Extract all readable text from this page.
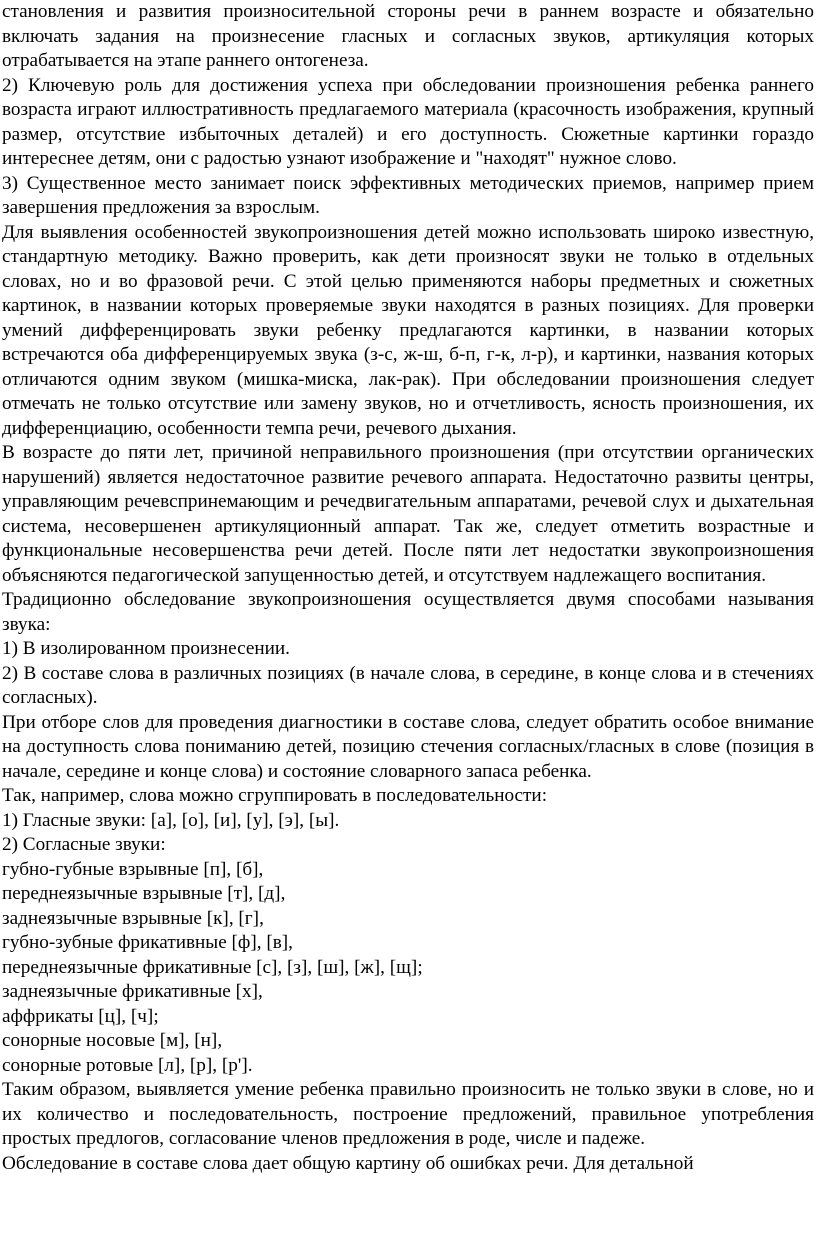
становления и развития произносительной стороны речи в раннем возрасте и обязательно включать задания на произнесение гласных и согласных звуков, артикуляция которых отрабатывается на этапе раннего онтогенеза.

2) Ключевую роль для достижения успеха при обследовании произношения ребенка раннего возраста играют иллюстративность предлагаемого материала (красочность изображения, крупный размер, отсутствие избыточных деталей) и его доступность. Сюжетные картинки гораздо интереснее детям, они с радостью узнают изображение и "находят" нужное слово.

3) Существенное место занимает поиск эффективных методических приемов, например прием завершения предложения за взрослым.

Для выявления особенностей звукопроизношения детей можно использовать широко известную, стандартную методику. Важно проверить, как дети произносят звуки не только в отдельных словах, но и во фразовой речи. С этой целью применяются наборы предметных и сюжетных картинок, в названии которых проверяемые звуки находятся в разных позициях. Для проверки умений дифференцировать звуки ребенку предлагаются картинки, в названии которых встречаются оба дифференцируемых звука (з-с, ж-ш, б-п, г-к, л-р), и картинки, названия которых отличаются одним звуком (мишка-миска, лак-рак). При обследовании произношения следует отмечать не только отсутствие или замену звуков, но и отчетливость, ясность произношения, их дифференциацию, особенности темпа речи, речевого дыхания.

В возрасте до пяти лет, причиной неправильного произношения (при отсутствии органических нарушений) является недостаточное развитие речевого аппарата. Недостаточно развиты центры, управляющим речевспринемающим и речедвигательным аппаратами, речевой слух и дыхательная система, несовершенен артикуляционный аппарат. Так же, следует отметить возрастные и функциональные несовершенства речи детей. После пяти лет недостатки звукопроизношения объясняются педагогической запущенностью детей, и отсутствуем надлежащего воспитания.

Традиционно обследование звукопроизношения осуществляется двумя способами называния звука:

1) В изолированном произнесении.

2) В составе слова в различных позициях (в начале слова, в середине, в конце слова и в стечениях согласных).

При отборе слов для проведения диагностики в составе слова, следует обратить особое внимание на доступность слова пониманию детей, позицию стечения согласных/гласных в слове (позиция в начале, середине и конце слова) и состояние словарного запаса ребенка.

Так, например, слова можно сгруппировать в последовательности:

1) Гласные звуки: [а], [о], [и], [у], [э], [ы].

2) Согласные звуки:

губно-губные взрывные [п], [б],

переднеязычные взрывные [т], [д],

заднеязычные взрывные [к], [г],

губно-зубные фрикативные [ф], [в],

переднеязычные фрикативные [с], [з], [ш], [ж], [щ];

заднеязычные фрикативные [х],

аффрикаты [ц], [ч];

сонорные носовые [м], [н],

сонорные ротовые [л], [р], [р'].

Таким образом, выявляется умение ребенка правильно произносить не только звуки в слове, но и их количество и последовательность, построение предложений, правильное употребления простых предлогов, согласование членов предложения в роде, числе и падеже.

Обследование в составе слова дает общую картину об ошибках речи. Для детальной
